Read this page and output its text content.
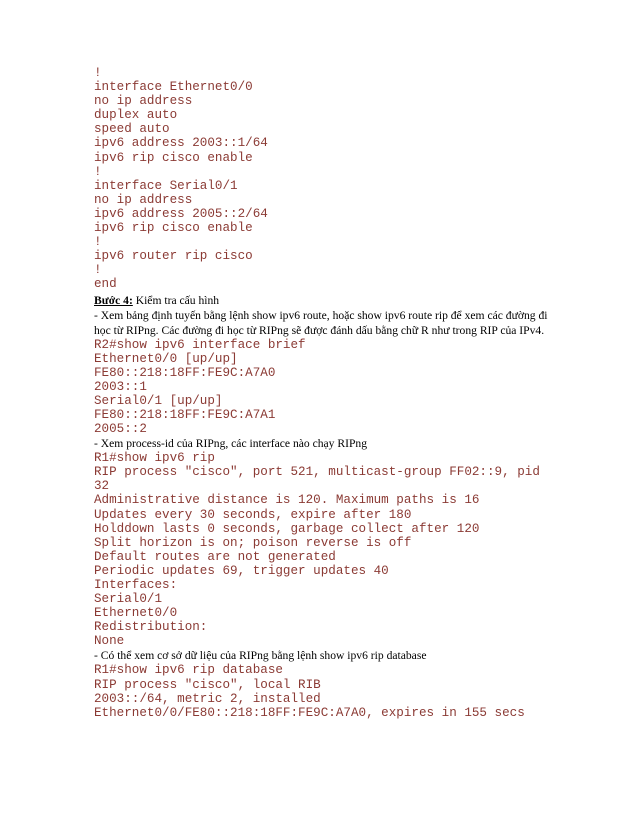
!
interface Ethernet0/0
no ip address
duplex auto
speed auto
ipv6 address 2003::1/64
ipv6 rip cisco enable
!
interface Serial0/1
no ip address
ipv6 address 2005::2/64
ipv6 rip cisco enable
!
ipv6 router rip cisco
!
end
Bước 4: Kiểm tra cấu hình

- Xem bảng định tuyến bằng lệnh show ipv6 route, hoặc show ipv6 route rip để xem các đường đi học từ RIPng. Các đường đi học từ RIPng sẽ được đánh dấu bằng chữ R như trong RIP của IPv4.

R2#show ipv6 interface brief
Ethernet0/0 [up/up]
FE80::218:18FF:FE9C:A7A0
2003::1
Serial0/1 [up/up]
FE80::218:18FF:FE9C:A7A1
2005::2

- Xem process-id của RIPng, các interface nào chạy RIPng

R1#show ipv6 rip
RIP process "cisco", port 521, multicast-group FF02::9, pid
32
Administrative distance is 120. Maximum paths is 16
Updates every 30 seconds, expire after 180
Holddown lasts 0 seconds, garbage collect after 120
Split horizon is on; poison reverse is off
Default routes are not generated
Periodic updates 69, trigger updates 40
Interfaces:
Serial0/1
Ethernet0/0
Redistribution:
None

- Có thể xem cơ sở dữ liệu của RIPng bằng lệnh show ipv6 rip database

R1#show ipv6 rip database
RIP process "cisco", local RIB
2003::/64, metric 2, installed
Ethernet0/0/FE80::218:18FF:FE9C:A7A0, expires in 155 secs
